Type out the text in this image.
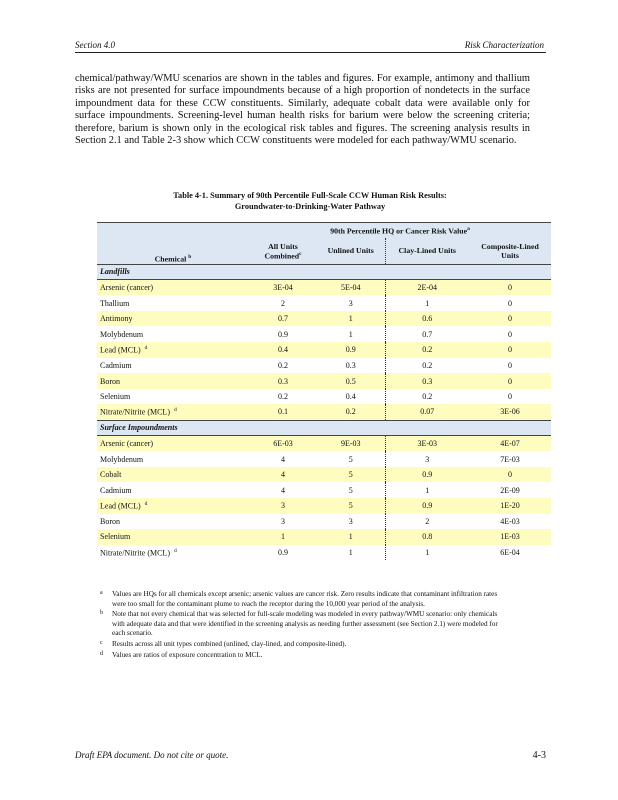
Section 4.0	Risk Characterization
chemical/pathway/WMU scenarios are shown in the tables and figures. For example, antimony and thallium risks are not presented for surface impoundments because of a high proportion of nondetects in the surface impoundment data for these CCW constituents. Similarly, adequate cobalt data were available only for surface impoundments. Screening-level human health risks for barium were below the screening criteria; therefore, barium is shown only in the ecological risk tables and figures. The screening analysis results in Section 2.1 and Table 2-3 show which CCW constituents were modeled for each pathway/WMU scenario.
Table 4-1. Summary of 90th Percentile Full-Scale CCW Human Risk Results:
Groundwater-to-Drinking-Water Pathway
	90th Percentile HQ or Cancer Risk Value$^a$
Chemical $^b$	All Units Combined$^c$	Unlined Units	Clay-Lined Units	Composite-Lined Units
Landfills				
Arsenic (cancer)	3E-04	5E-04	2E-04	0
Thallium	2	3	1	0
Antimony	0.7	1	0.6	0
Molybdenum	0.9	1	0.7	0
Lead (MCL) $^d$	0.4	0.9	0.2	0
Cadmium	0.2	0.3	0.2	0
Boron	0.3	0.5	0.3	0
Selenium	0.2	0.4	0.2	0
Nitrate/Nitrite (MCL) $^d$	0.1	0.2	0.07	3E-06
Surface Impoundments				
Arsenic (cancer)	6E-03	9E-03	3E-03	4E-07
Molybdenum	4	5	3	7E-03
Cobalt	4	5	0.9	0
Cadmium	4	5	1	2E-09
Lead (MCL) $^d$	3	5	0.9	1E-20
Boron	3	3	2	4E-03
Selenium	1	1	0.8	1E-03
Nitrate/Nitrite (MCL) $^d$	0.9	1	1	6E-04
a Values are HQs for all chemicals except arsenic; arsenic values are cancer risk. Zero results indicate that contaminant infiltration rates were too small for the contaminant plume to reach the receptor during the 10,000 year period of the analysis.
b Note that not every chemical that was selected for full-scale modeling was modeled in every pathway/WMU scenario: only chemicals with adequate data and that were identified in the screening analysis as needing further assessment (see Section 2.1) were modeled for each scenario.
c Results across all unit types combined (unlined, clay-lined, and composite-lined).
d Values are ratios of exposure concentration to MCL.
Draft EPA document. Do not cite or quote.	4-3
